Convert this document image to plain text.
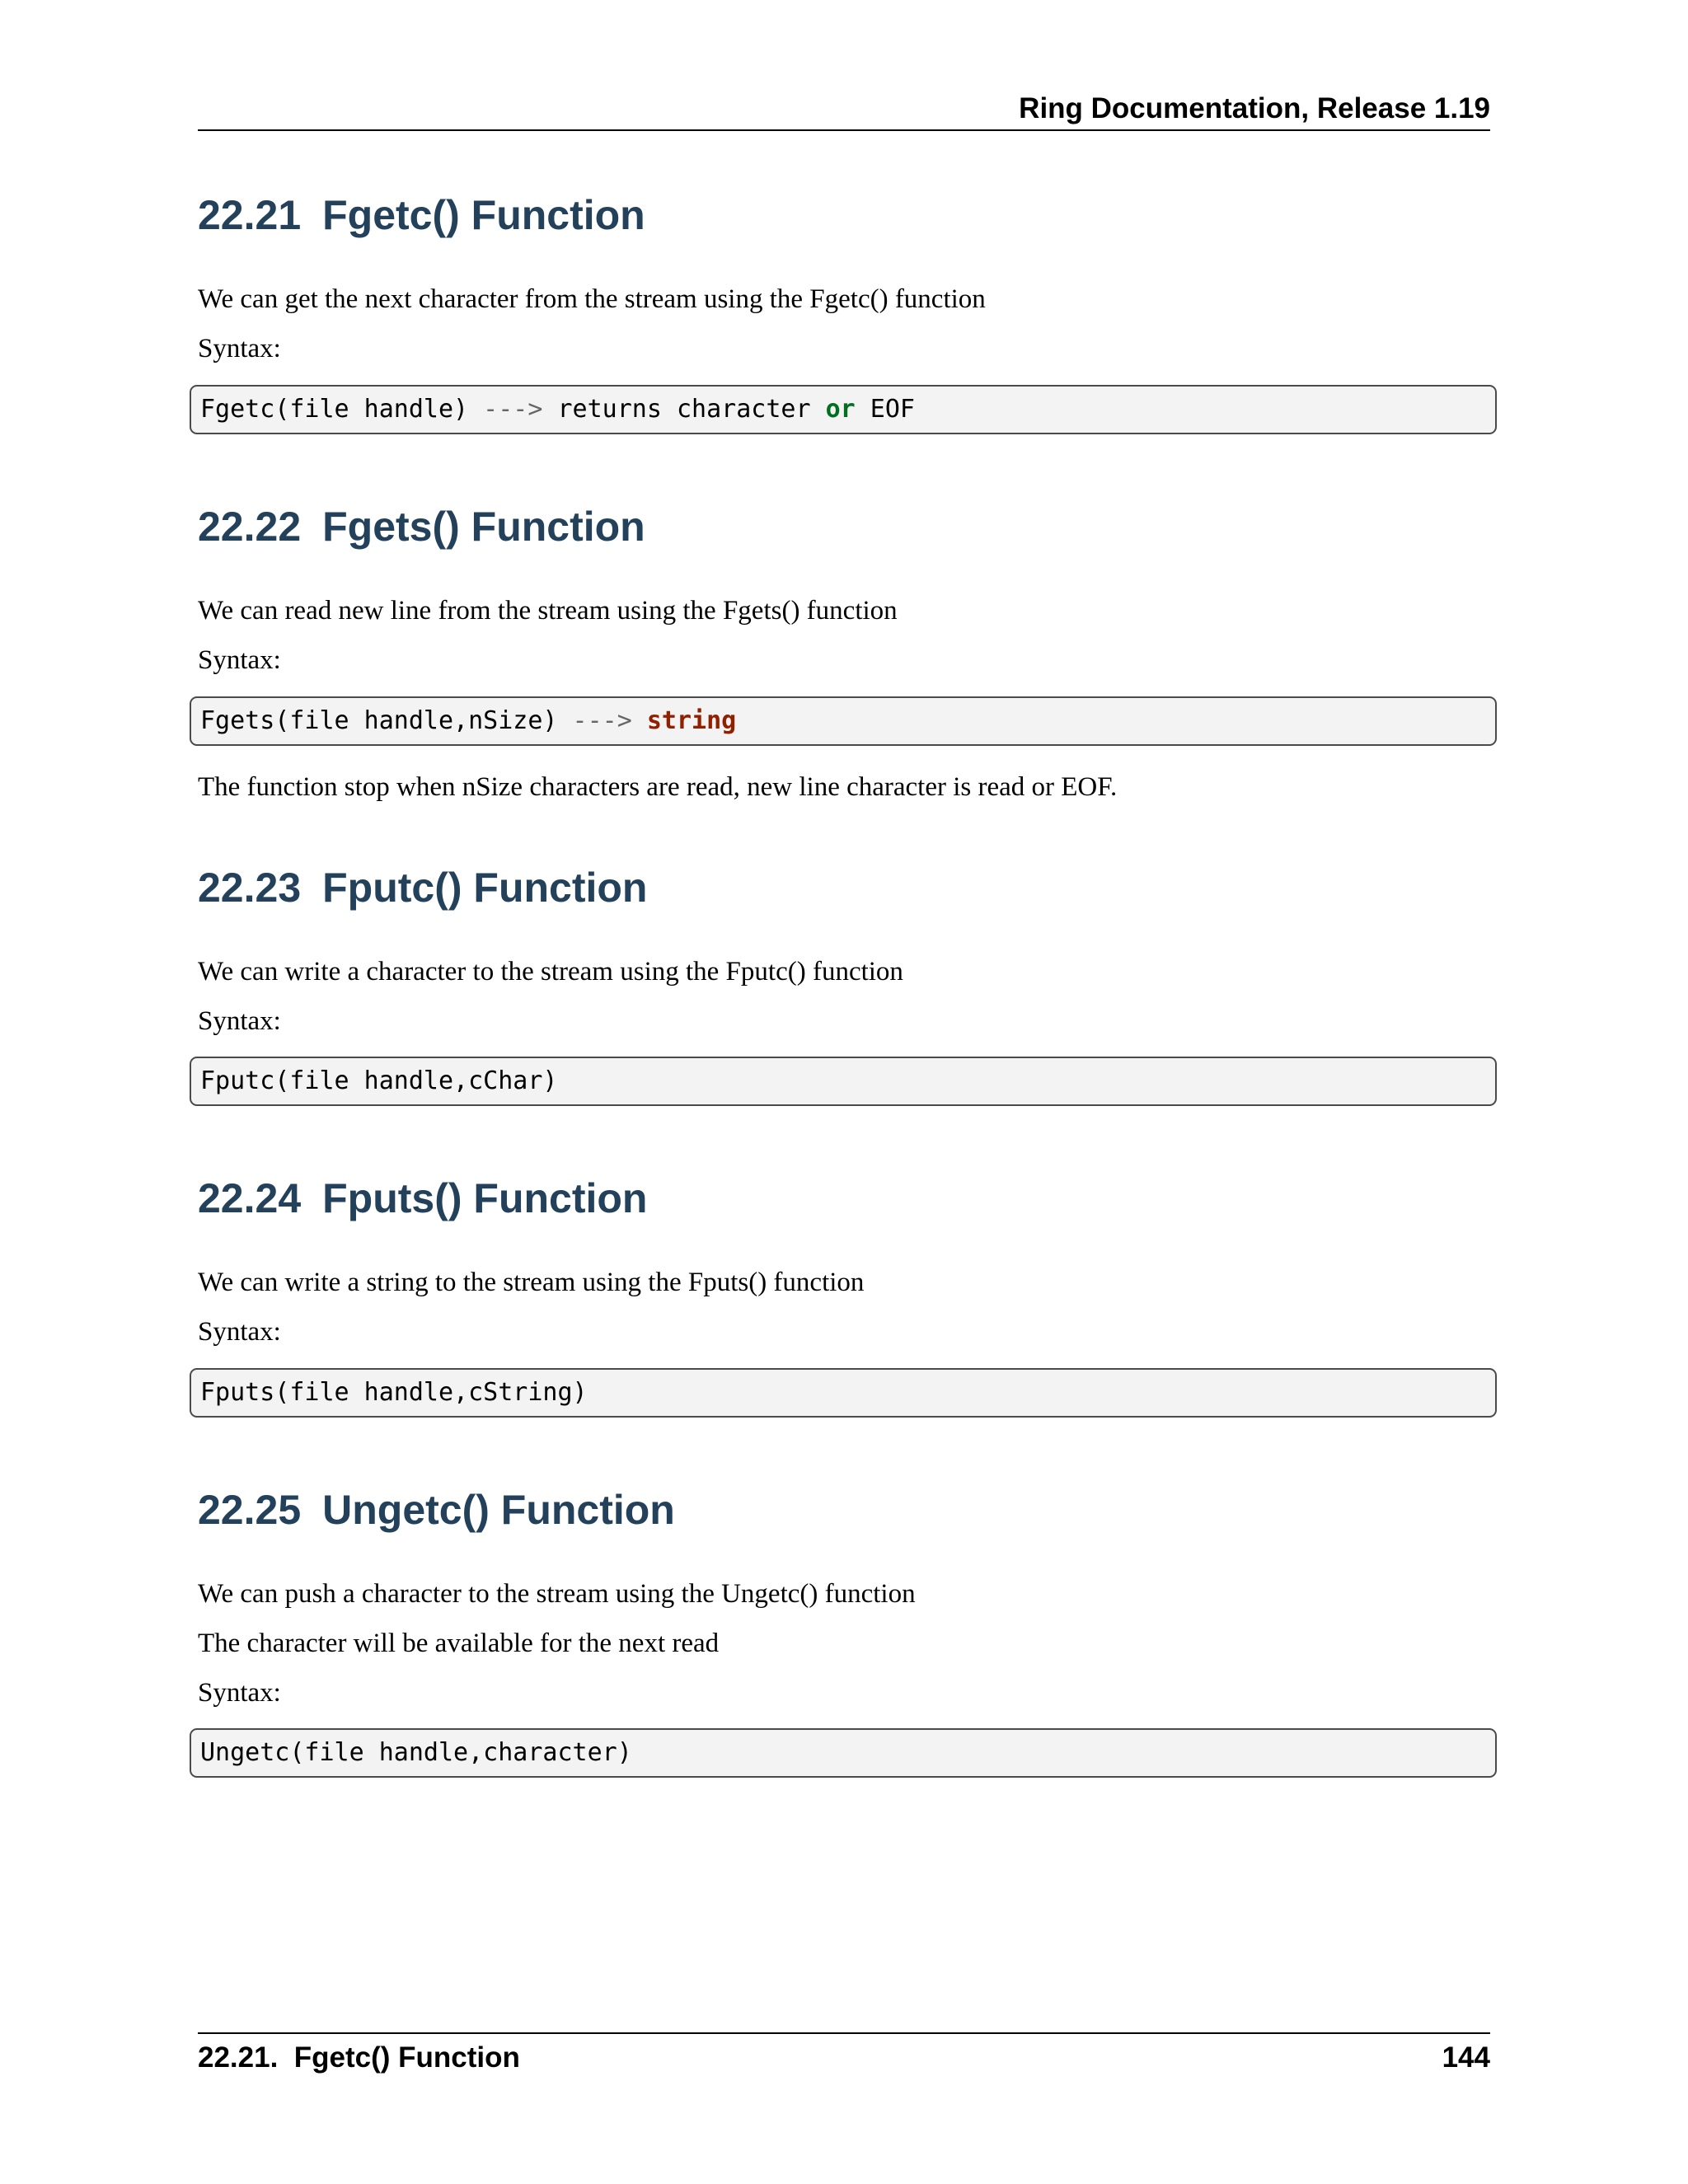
Ring Documentation, Release 1.19
22.21 Fgetc() Function

We can get the next character from the stream using the Fgetc() function

Syntax:

Fgetc(file handle) ---> returns character or EOF
22.22 Fgets() Function

We can read new line from the stream using the Fgets() function

Syntax:

Fgets(file handle,nSize) ---> string

The function stop when nSize characters are read, new line character is read or EOF.

22.23 Fputc() Function

We can write a character to the stream using the Fputc() function

Syntax:

Fputc(file handle,cChar)
22.24 Fputs() Function

We can write a string to the stream using the Fputs() function

Syntax:

Fputs(file handle,cString)
22.25 Ungetc() Function

We can push a character to the stream using the Ungetc() function

The character will be available for the next read

Syntax:

Ungetc(file handle,character)
22.21.  Fgetc() Function	144
